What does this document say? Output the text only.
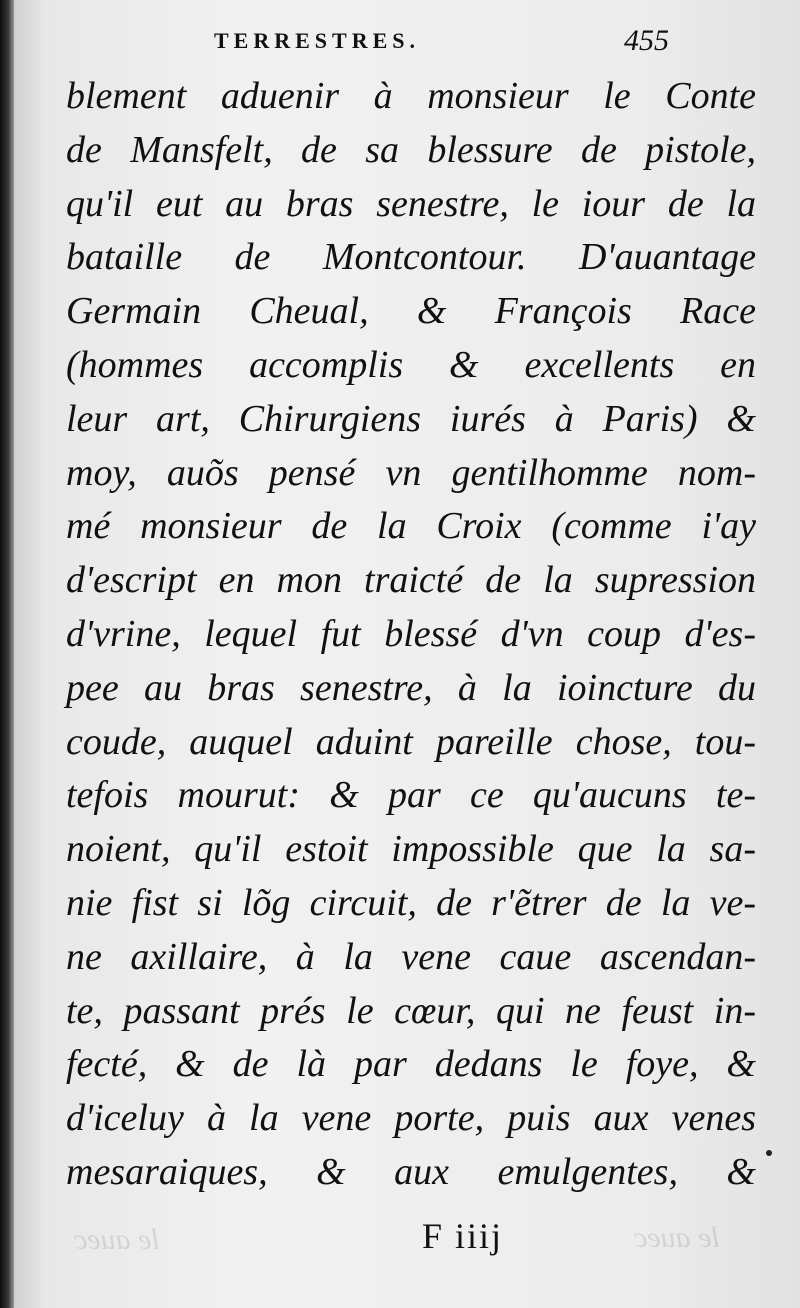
TERRESTRES.	455
blement aduenir à monsieur le Conte
de Mansfelt, de sa blessure de pistole,
qu'il eut au bras senestre, le iour de la
bataille de Montcontour. D'auantage
Germain Cheual, & François Race
(hommes accomplis & excellents en
leur art, Chirurgiens iurés à Paris) &
moy, auõs pensé vn gentilhomme nom-
mé monsieur de la Croix (comme i'ay
d'escript en mon traicté de la supression
d'vrine, lequel fut blessé d'vn coup d'es-
pee au bras senestre, à la ioincture du
coude, auquel aduint pareille chose, tou-
tefois mourut: & par ce qu'aucuns te-
noient, qu'il estoit impossible que la sa-
nie fist si lõg circuit, de r'ẽtrer de la ve-
ne axillaire, à la vene caue ascendan-
te, passant prés le cœur, qui ne feust in-
fecté, & de là par dedans le foye, &
d'iceluy à la vene porte, puis aux venes
mesaraiques, & aux emulgentes, &
le auec	F iiij	le auec
